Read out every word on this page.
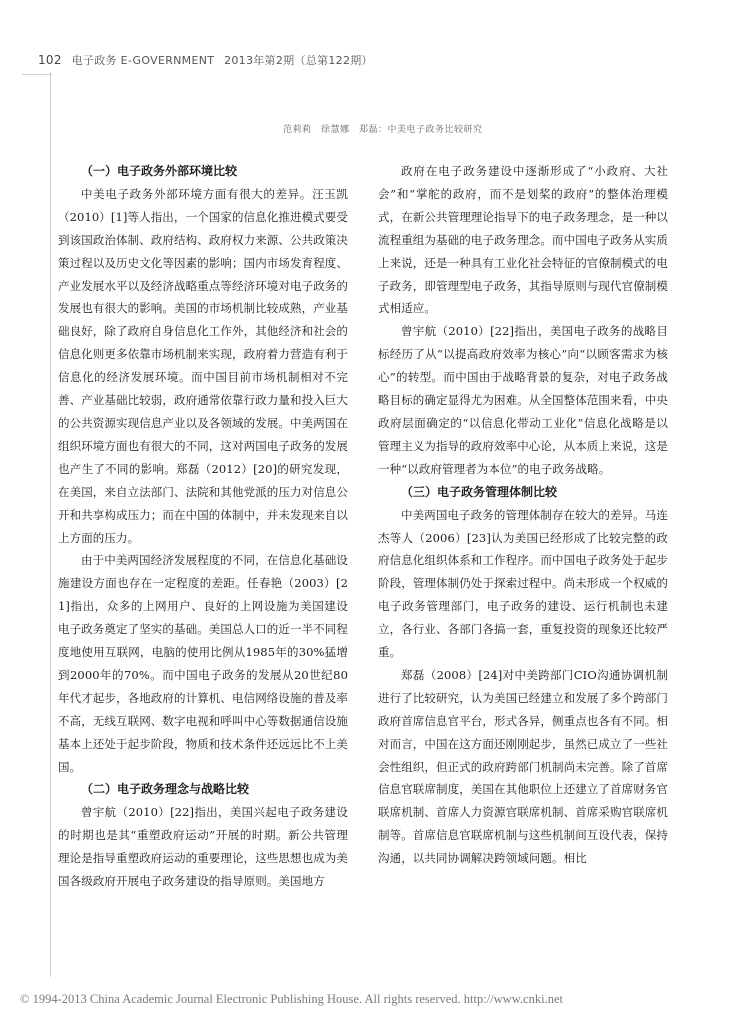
102 电子政务 E-GOVERNMENT 2013年第2期（总第122期）
范莉莉　徐慧娜　郑磊：中美电子政务比较研究

（一）电子政务外部环境比较

中美电子政务外部环境方面有很大的差异。汪玉凯（2010）[1]等人指出，一个国家的信息化推进模式要受到该国政治体制、政府结构、政府权力来源、公共政策决策过程以及历史文化等因素的影响；国内市场发育程度、产业发展水平以及经济战略重点等经济环境对电子政务的发展也有很大的影响。美国的市场机制比较成熟，产业基础良好，除了政府自身信息化工作外，其他经济和社会的信息化则更多依靠市场机制来实现，政府着力营造有利于信息化的经济发展环境。而中国目前市场机制相对不完善、产业基础比较弱，政府通常依靠行政力量和投入巨大的公共资源实现信息产业以及各领域的发展。中美两国在组织环境方面也有很大的不同，这对两国电子政务的发展也产生了不同的影响。郑磊（2012）[20]的研究发现，在美国，来自立法部门、法院和其他党派的压力对信息公开和共享构成压力；而在中国的体制中，并未发现来自以上方面的压力。

由于中美两国经济发展程度的不同，在信息化基础设施建设方面也存在一定程度的差距。任春艳（2003）[21]指出，众多的上网用户、良好的上网设施为美国建设电子政务奠定了坚实的基础。美国总人口的近一半不同程度地使用互联网，电脑的使用比例从1985年的30%猛增到2000年的70%。而中国电子政务的发展从20世纪80年代才起步，各地政府的计算机、电信网络设施的普及率不高，无线互联网、数字电视和呼叫中心等数据通信设施基本上还处于起步阶段，物质和技术条件还远远比不上美国。

（二）电子政务理念与战略比较

曾宇航（2010）[22]指出，美国兴起电子政务建设的时期也是其“重塑政府运动”开展的时期。新公共管理理论是指导重塑政府运动的重要理论，这些思想也成为美国各级政府开展电子政务建设的指导原则。美国地方

政府在电子政务建设中逐渐形成了“小政府、大社会”和“掌舵的政府，而不是划桨的政府”的整体治理模式，在新公共管理理论指导下的电子政务理念，是一种以流程重组为基础的电子政务理念。而中国电子政务从实质上来说，还是一种具有工业化社会特征的官僚制模式的电子政务，即管理型电子政务，其指导原则与现代官僚制模式相适应。

曾宇航（2010）[22]指出，美国电子政务的战略目标经历了从“以提高政府效率为核心”向“以顾客需求为核心”的转型。而中国由于战略背景的复杂，对电子政务战略目标的确定显得尤为困难。从全国整体范围来看，中央政府层面确定的“以信息化带动工业化”信息化战略是以管理主义为指导的政府效率中心论，从本质上来说，这是一种“以政府管理者为本位”的电子政务战略。

（三）电子政务管理体制比较

中美两国电子政务的管理体制存在较大的差异。马连杰等人（2006）[23]认为美国已经形成了比较完整的政府信息化组织体系和工作程序。而中国电子政务处于起步阶段，管理体制仍处于探索过程中。尚未形成一个权威的电子政务管理部门，电子政务的建设、运行机制也未建立，各行业、各部门各搞一套，重复投资的现象还比较严重。

郑磊（2008）[24]对中美跨部门CIO沟通协调机制进行了比较研究，认为美国已经建立和发展了多个跨部门政府首席信息官平台，形式各异，侧重点也各有不同。相对而言，中国在这方面还刚刚起步，虽然已成立了一些社会性组织，但正式的政府跨部门机制尚未完善。除了首席信息官联席制度，美国在其他职位上还建立了首席财务官联席机制、首席人力资源官联席机制、首席采购官联席机制等。首席信息官联席机制与这些机制间互设代表，保持沟通，以共同协调解决跨领域问题。相比

© 1994-2013 China Academic Journal Electronic Publishing House. All rights reserved. http://www.cnki.net
